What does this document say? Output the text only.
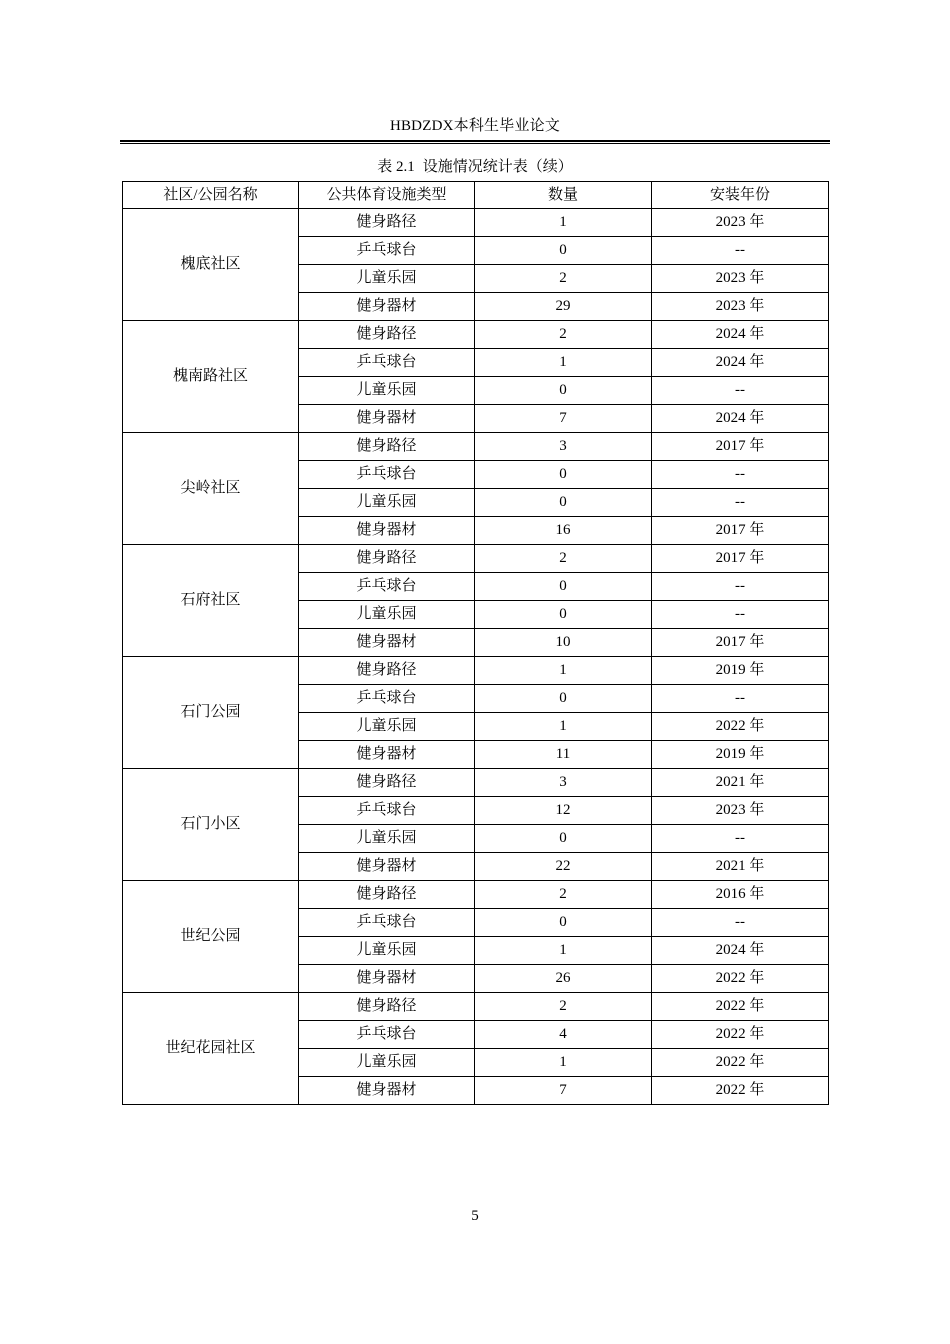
HBDZDX本科生毕业论文
表 2.1 设施情况统计表（续）
社区/公园名称	公共体育设施类型	数量	安装年份
槐底社区	健身路径	1	2023 年
	乒乓球台	0	--
	儿童乐园	2	2023 年
	健身器材	29	2023 年
槐南路社区	健身路径	2	2024 年
	乒乓球台	1	2024 年
	儿童乐园	0	--
	健身器材	7	2024 年
尖岭社区	健身路径	3	2017 年
	乒乓球台	0	--
	儿童乐园	0	--
	健身器材	16	2017 年
石府社区	健身路径	2	2017 年
	乒乓球台	0	--
	儿童乐园	0	--
	健身器材	10	2017 年
石门公园	健身路径	1	2019 年
	乒乓球台	0	--
	儿童乐园	1	2022 年
	健身器材	11	2019 年
石门小区	健身路径	3	2021 年
	乒乓球台	12	2023 年
	儿童乐园	0	--
	健身器材	22	2021 年
世纪公园	健身路径	2	2016 年
	乒乓球台	0	--
	儿童乐园	1	2024 年
	健身器材	26	2022 年
世纪花园社区	健身路径	2	2022 年
	乒乓球台	4	2022 年
	儿童乐园	1	2022 年
	健身器材	7	2022 年
5
